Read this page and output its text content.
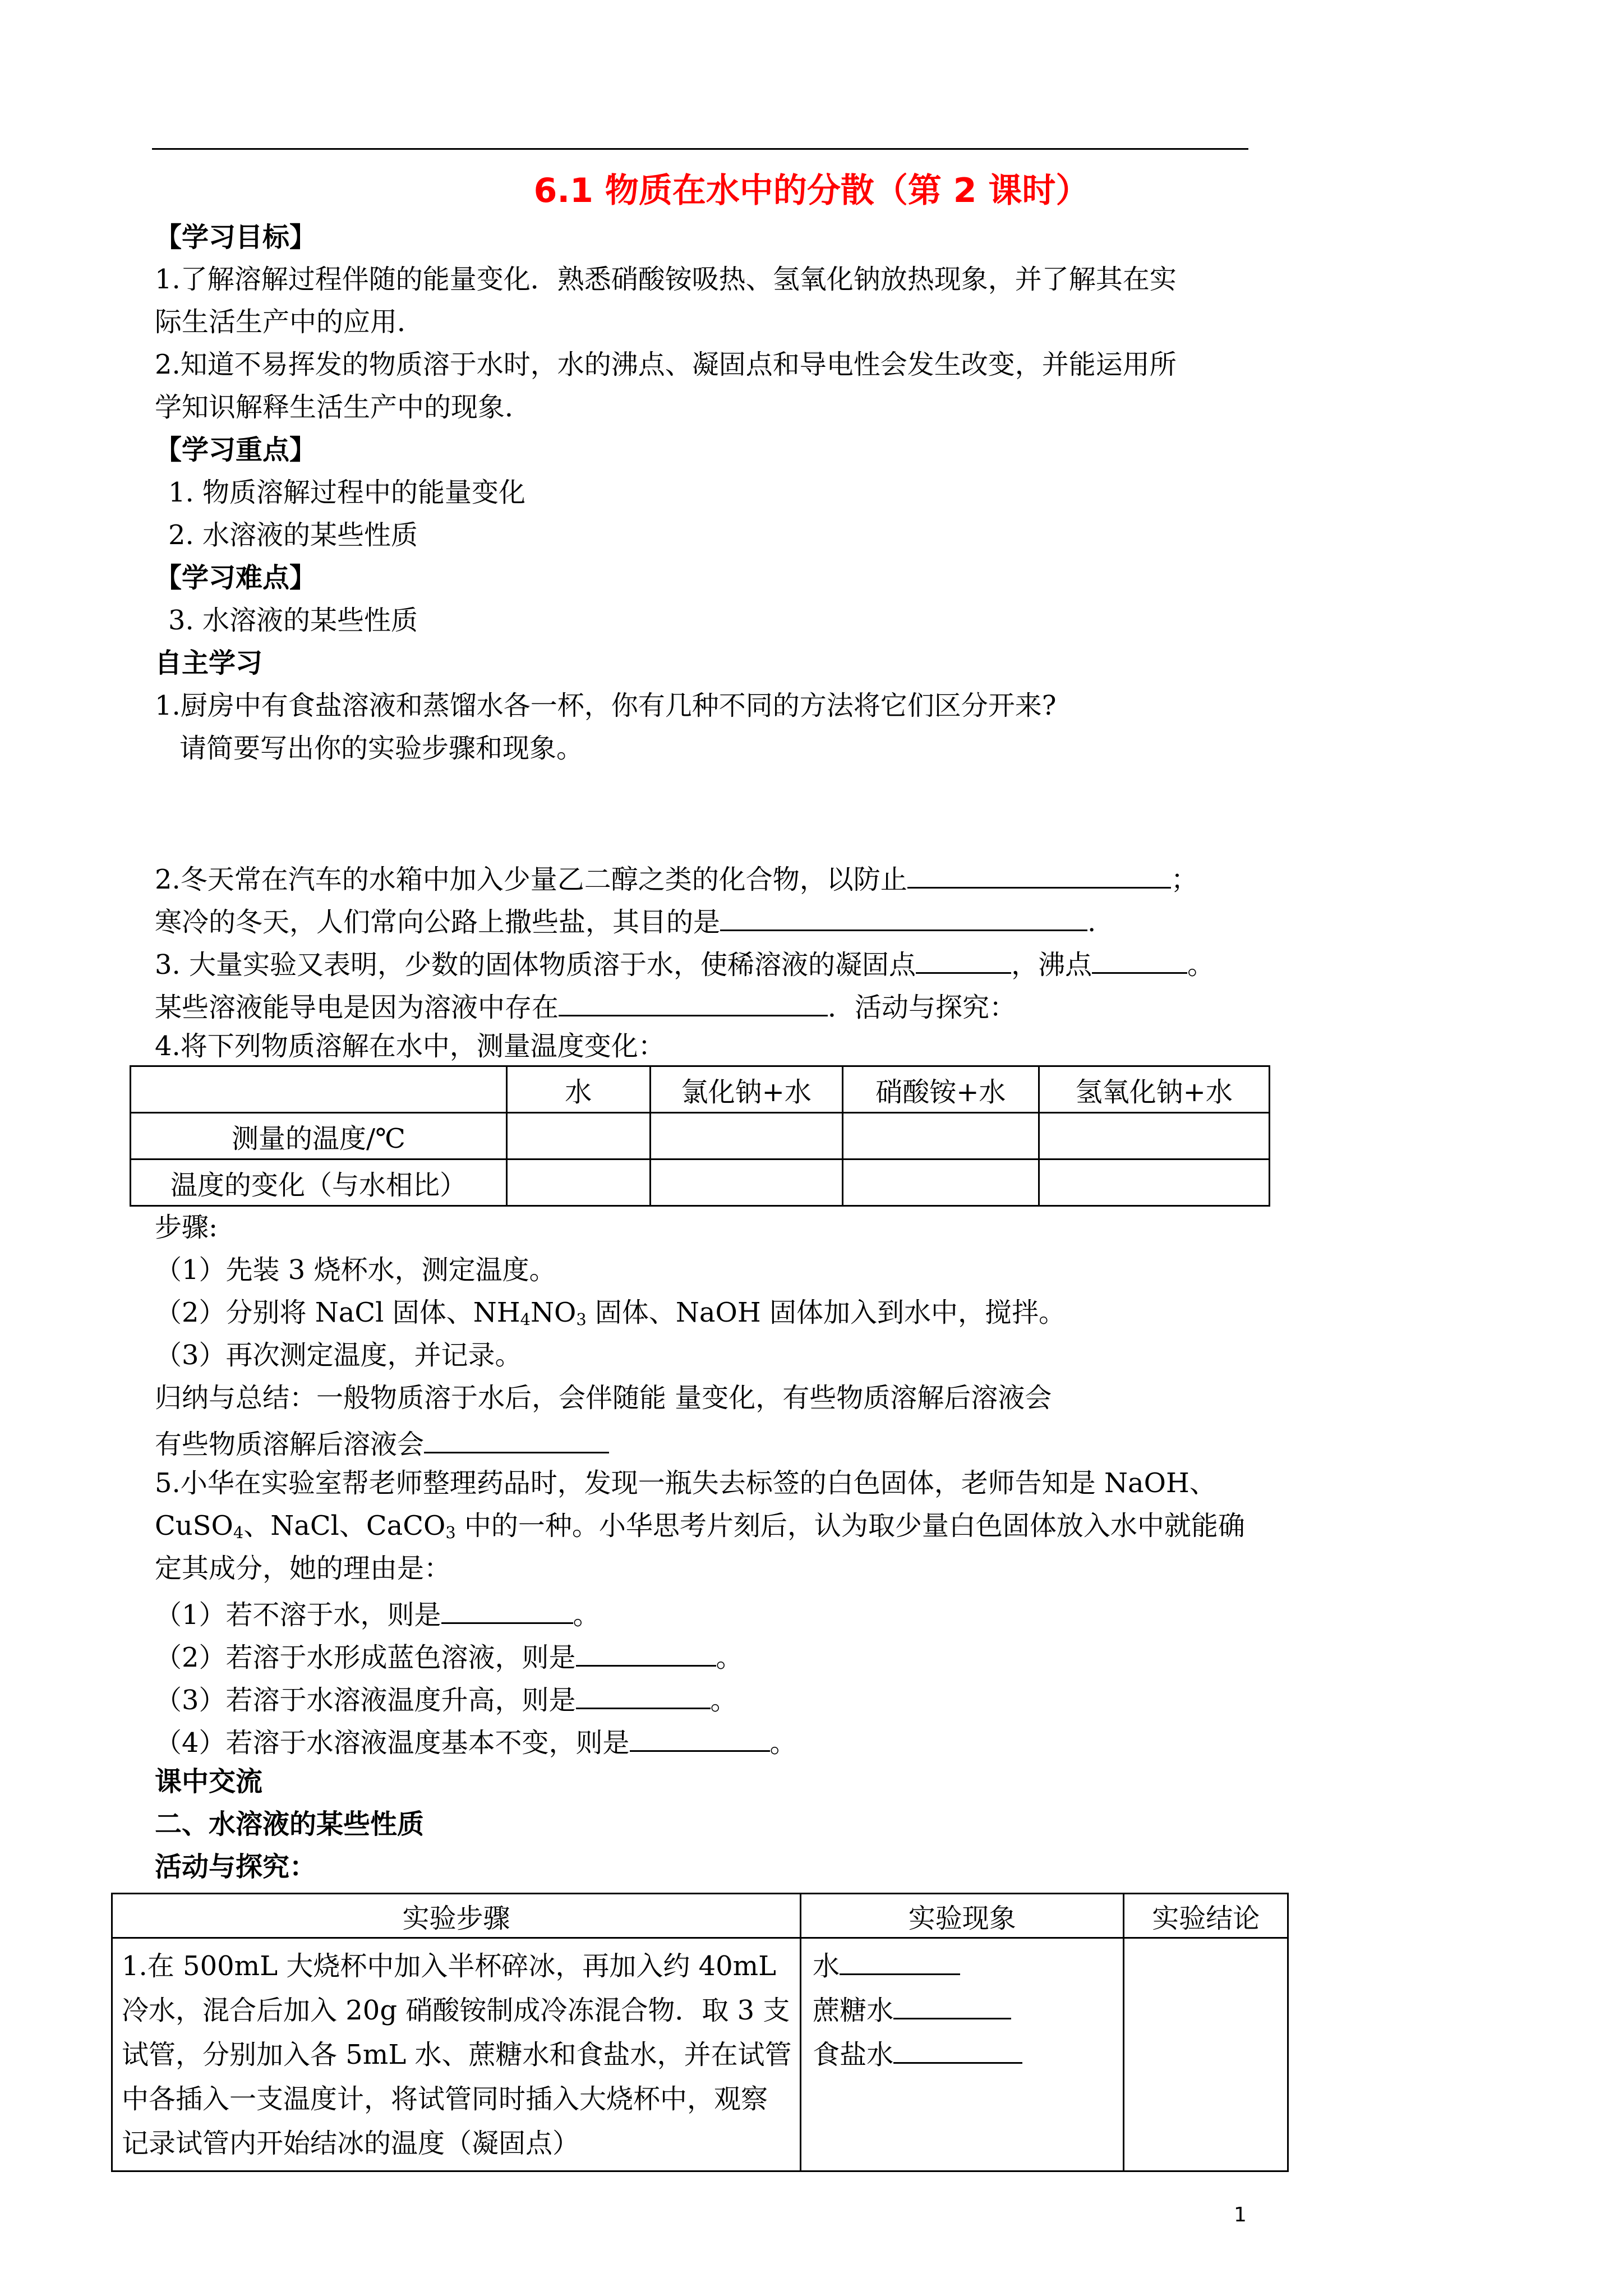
6.1 物质在水中的分散（第 2 课时）
【学习目标】
1.了解溶解过程伴随的能量变化．熟悉硝酸铵吸热、氢氧化钠放热现象，并了解其在实
际生活生产中的应用．
2.知道不易挥发的物质溶于水时，水的沸点、凝固点和导电性会发生改变，并能运用所
学知识解释生活生产中的现象．
【学习重点】
1. 物质溶解过程中的能量变化
2. 水溶液的某些性质
【学习难点】
3. 水溶液的某些性质
自主学习
1.厨房中有食盐溶液和蒸馏水各一杯，你有几种不同的方法将它们区分开来?
请简要写出你的实验步骤和现象。
2.冬天常在汽车的水箱中加入少量乙二醇之类的化合物，以防止	；
寒冷的冬天，人们常向公路上撒些盐，其目的是	.
3. 大量实验又表明，少数的固体物质溶于水，使稀溶液的凝固点	，沸点	。
某些溶液能导电是因为溶液中存在	．活动与探究：
4.将下列物质溶解在水中，测量温度变化：
	水	氯化钠+水	硝酸铵+水	氢氧化钠+水
测量的温度/℃				
温度的变化（与水相比）				
步骤:
（1）先装 3 烧杯水，测定温度。
（2）分别将 NaCl 固体、$NH_4NO_3$ 固体、NaOH 固体加入到水中，搅拌。
（3）再次测定温度，并记录。
归纳与总结：一般物质溶于水后，会伴随能 量变化，有些物质溶解后溶液会
有些物质溶解后溶液会
5.小华在实验室帮老师整理药品时，发现一瓶失去标签的白色固体，老师告知是 NaOH、
CuSO$_4$、NaCl、CaCO$_3$ 中的一种。小华思考片刻后，认为取少量白色固体放入水中就能确
定其成分，她的理由是：
（1）若不溶于水，则是	。
（2）若溶于水形成蓝色溶液，则是	。
（3）若溶于水溶液温度升高，则是	。
（4）若溶于水溶液温度基本不变，则是	。
课中交流
二、水溶液的某些性质
活动与探究：
实验步骤	实验现象	实验结论

1.在 500mL 大烧杯中加入半杯碎冰，再加入约 40mL 冷水，混合后加入 20g 硝酸铵制成冷冻混合物．取 3 支试管，分别加入各 5mL 水、蔗糖水和食盐水，并在试管中各插入一支温度计，将试管同时插入大烧杯中，观察记录试管内开始结冰的温度（凝固点）	水
蔗糖水
食盐水	

1
